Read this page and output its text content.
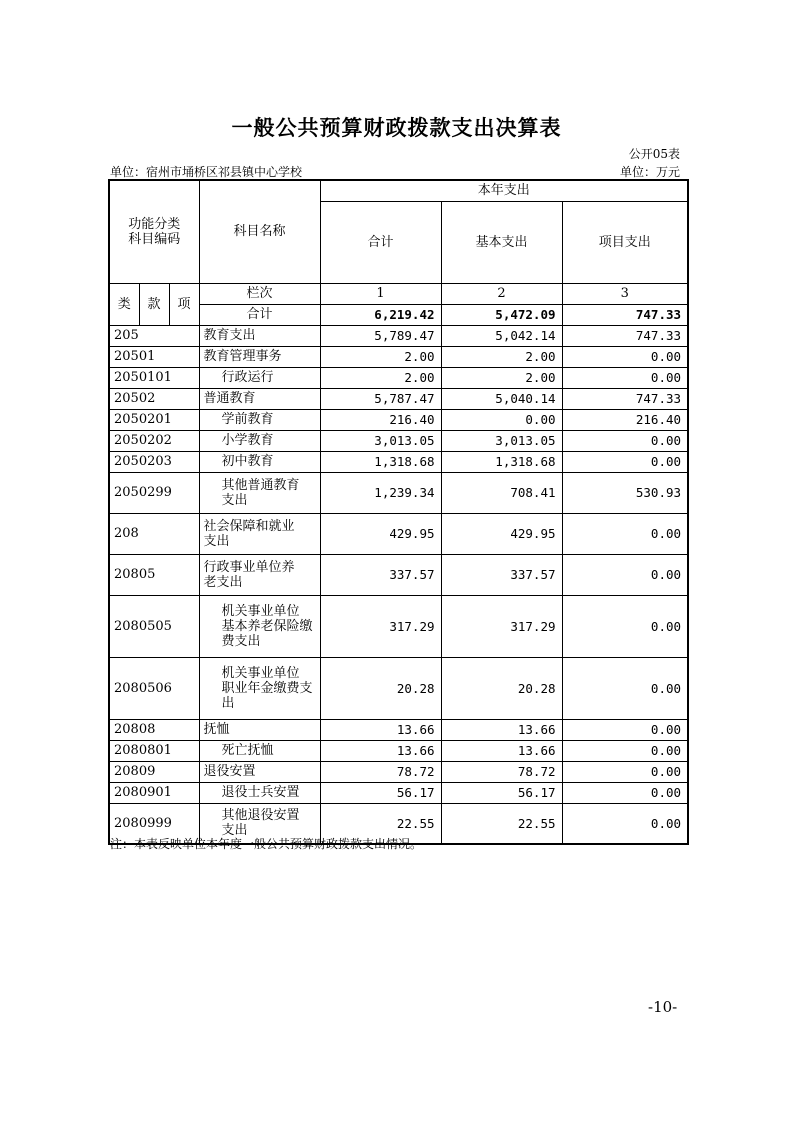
一般公共预算财政拨款支出决算表
公开05表
单位：宿州市埇桥区祁县镇中心学校	单位：万元
功能分类
科目编码			科目名称	本年支出		
				合计	基本支出	项目支出
类	款	项	栏次	1	2	3
			合计	6,219.42	5,472.09	747.33
205			教育支出	5,789.47	5,042.14	747.33
20501			教育管理事务	2.00	2.00	0.00
2050101			行政运行	2.00	2.00	0.00
20502			普通教育	5,787.47	5,040.14	747.33
2050201			学前教育	216.40	0.00	216.40
2050202			小学教育	3,013.05	3,013.05	0.00
2050203			初中教育	1,318.68	1,318.68	0.00
2050299			其他普通教育
支出	1,239.34	708.41	530.93
208			社会保障和就业
支出	429.95	429.95	0.00
20805			行政事业单位养
老支出	337.57	337.57	0.00
2080505			机关事业单位
基本养老保险缴
费支出	317.29	317.29	0.00
2080506			机关事业单位
职业年金缴费支
出	20.28	20.28	0.00
20808			抚恤	13.66	13.66	0.00
2080801			死亡抚恤	13.66	13.66	0.00
20809			退役安置	78.72	78.72	0.00
2080901			退役士兵安置	56.17	56.17	0.00
2080999			其他退役安置
支出	22.55	22.55	0.00
注：本表反映单位本年度一般公共预算财政拨款支出情况。
-10-
